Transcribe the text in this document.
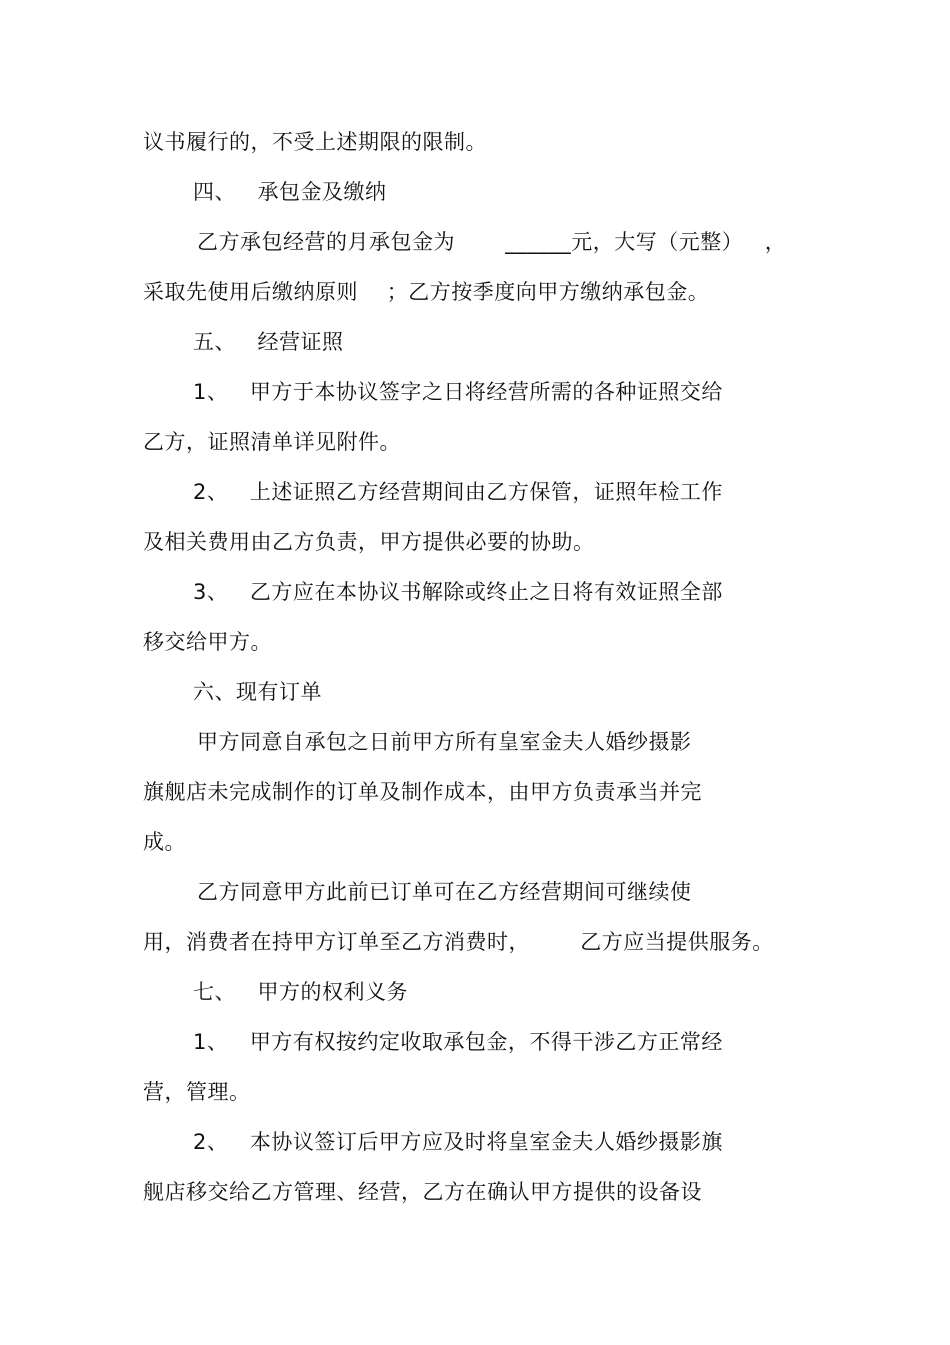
议书履行的，不受上述期限的限制。
四、   承包金及缴纳
乙方承包经营的月承包金为       ______元，大写（元整）   ，
采取先使用后缴纳原则    ；乙方按季度向甲方缴纳承包金。
五、   经营证照
1、   甲方于本协议签字之日将经营所需的各种证照交给
乙方，证照清单详见附件。
2、   上述证照乙方经营期间由乙方保管，证照年检工作
及相关费用由乙方负责，甲方提供必要的协助。
3、   乙方应在本协议书解除或终止之日将有效证照全部
移交给甲方。
六、现有订单
甲方同意自承包之日前甲方所有皇室金夫人婚纱摄影
旗舰店未完成制作的订单及制作成本，由甲方负责承当并完
成。
乙方同意甲方此前已订单可在乙方经营期间可继续使
用，消费者在持甲方订单至乙方消费时，       乙方应当提供服务。
七、   甲方的权利义务
1、   甲方有权按约定收取承包金，不得干涉乙方正常经
营，管理。
2、   本协议签订后甲方应及时将皇室金夫人婚纱摄影旗
舰店移交给乙方管理、经营，乙方在确认甲方提供的设备设
